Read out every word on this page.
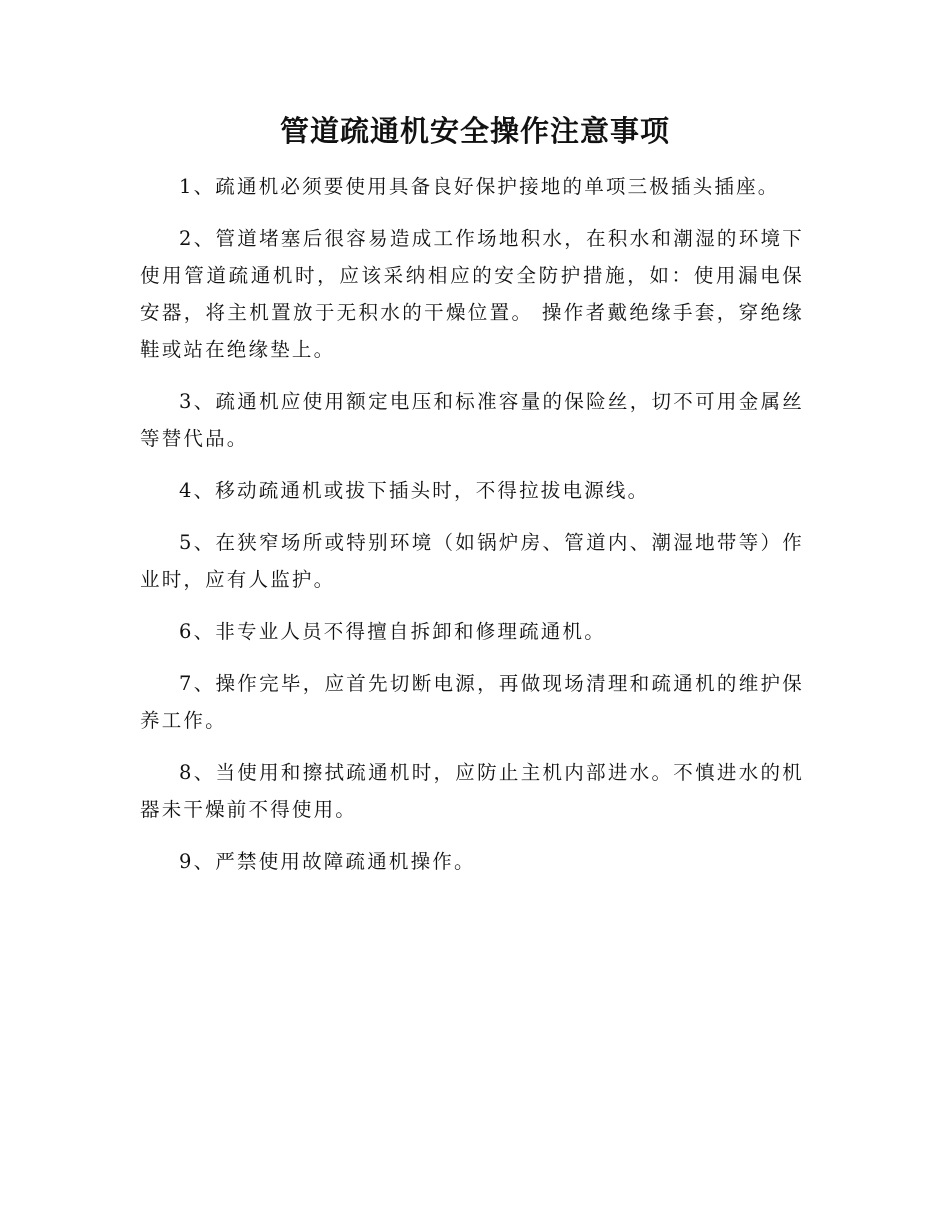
管道疏通机安全操作注意事项

1、疏通机必须要使用具备良好保护接地的单项三极插头插座。

2、管道堵塞后很容易造成工作场地积水，在积水和潮湿的环境下使用管道疏通机时，应该采纳相应的安全防护措施，如：使用漏电保安器，将主机置放于无积水的干燥位置。 操作者戴绝缘手套，穿绝缘鞋或站在绝缘垫上。

3、疏通机应使用额定电压和标准容量的保险丝，切不可用金属丝等替代品。

4、移动疏通机或拔下插头时，不得拉拔电源线。

5、在狭窄场所或特别环境（如锅炉房、管道内、潮湿地带等）作业时，应有人监护。

6、非专业人员不得擅自拆卸和修理疏通机。

7、操作完毕，应首先切断电源，再做现场清理和疏通机的维护保养工作。

8、当使用和擦拭疏通机时，应防止主机内部进水。不慎进水的机器未干燥前不得使用。

9、严禁使用故障疏通机操作。
